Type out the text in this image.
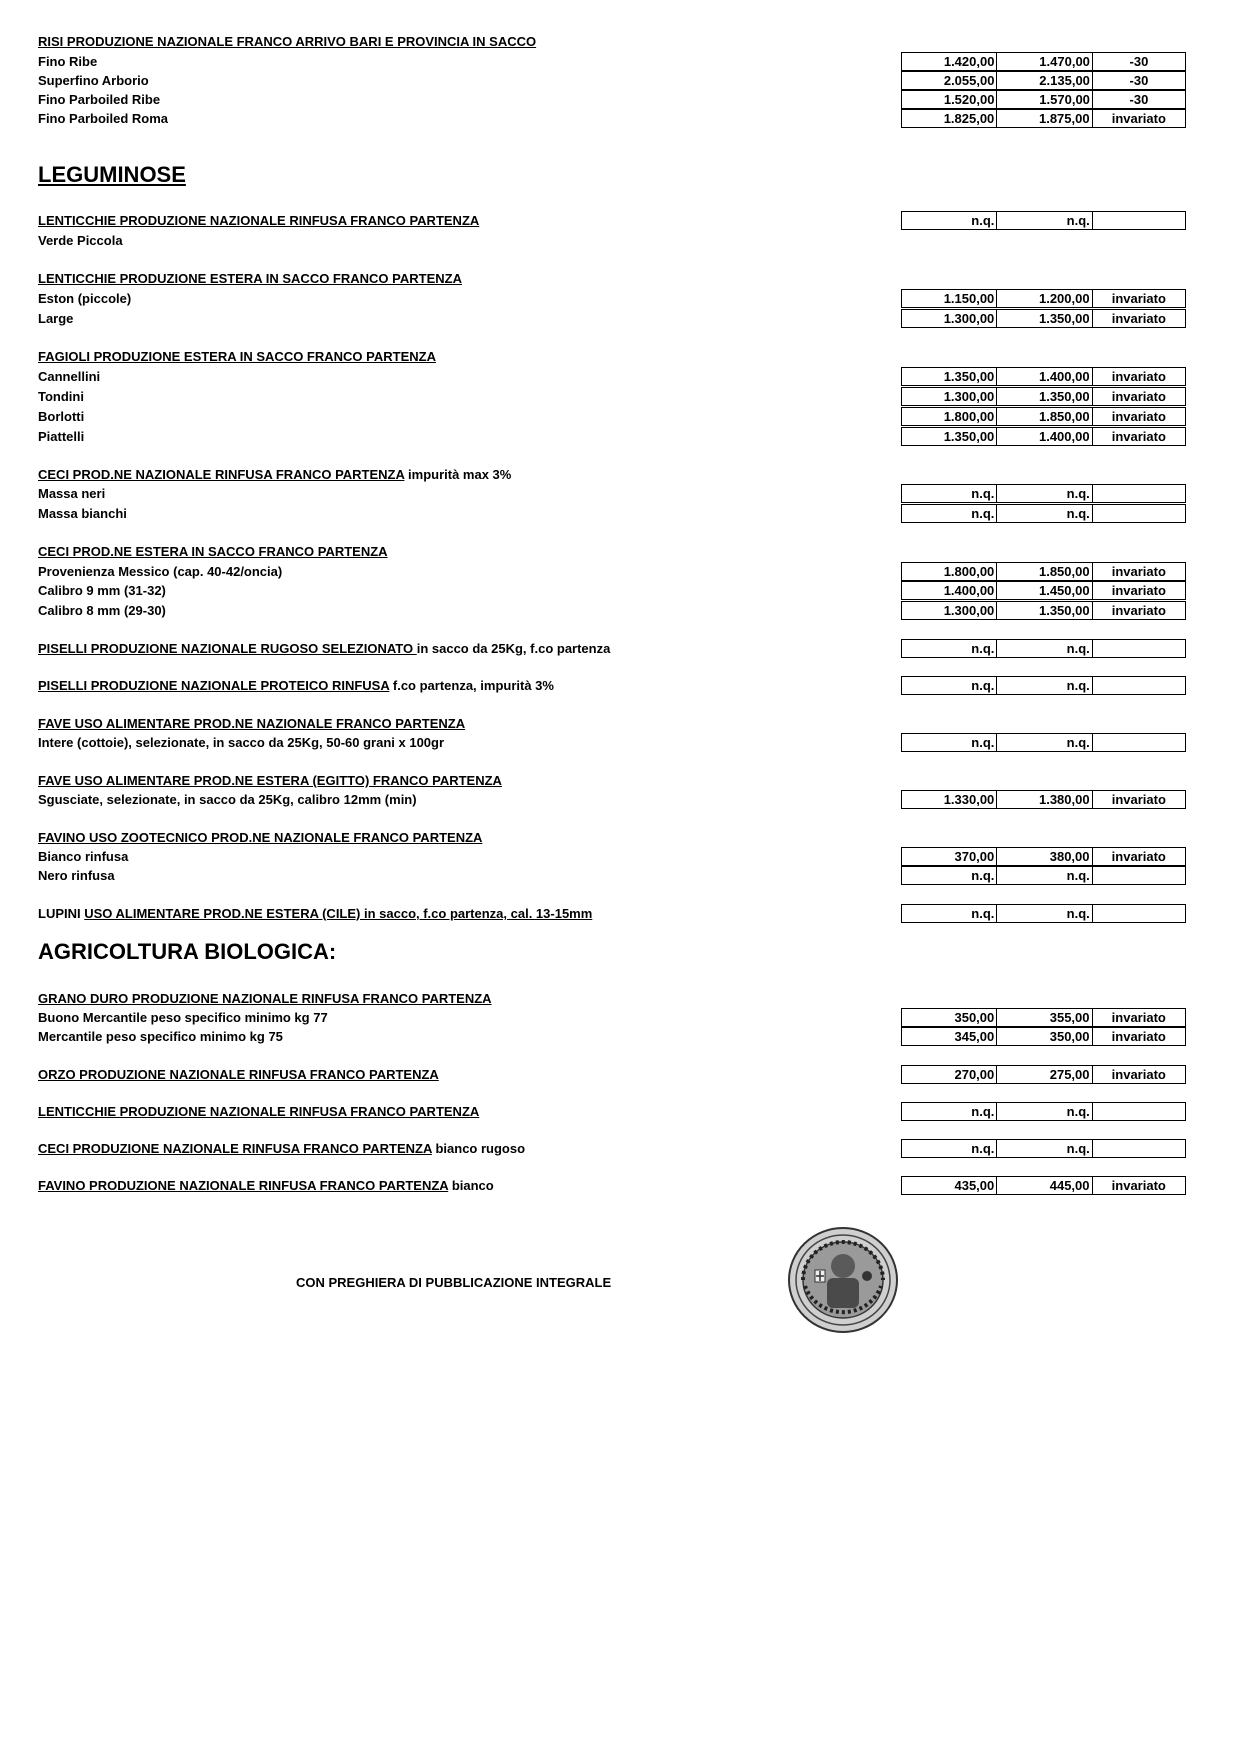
RISI PRODUZIONE NAZIONALE FRANCO ARRIVO BARI E PROVINCIA IN SACCO
Fino Ribe	1.420,00	1.470,00	-30
Superfino Arborio	2.055,00	2.135,00	-30
Fino Parboiled Ribe	1.520,00	1.570,00	-30
Fino Parboiled Roma	1.825,00	1.875,00	invariato
LEGUMINOSE
LENTICCHIE PRODUZIONE NAZIONALE RINFUSA FRANCO PARTENZA	n.q.	n.q.	
Verde Piccola
LENTICCHIE PRODUZIONE ESTERA IN SACCO FRANCO PARTENZA
Eston (piccole)	1.150,00	1.200,00	invariato
Large	1.300,00	1.350,00	invariato
FAGIOLI PRODUZIONE ESTERA IN SACCO FRANCO PARTENZA
Cannellini	1.350,00	1.400,00	invariato
Tondini	1.300,00	1.350,00	invariato
Borlotti	1.800,00	1.850,00	invariato
Piattelli	1.350,00	1.400,00	invariato
CECI PROD.NE NAZIONALE RINFUSA FRANCO PARTENZA impurità max 3%
Massa neri	n.q.	n.q.	
Massa bianchi	n.q.	n.q.	
CECI PROD.NE ESTERA IN SACCO FRANCO PARTENZA
Provenienza Messico (cap. 40-42/oncia)	1.800,00	1.850,00	invariato
Calibro 9 mm (31-32)	1.400,00	1.450,00	invariato
Calibro 8 mm (29-30)	1.300,00	1.350,00	invariato
PISELLI PRODUZIONE NAZIONALE RUGOSO SELEZIONATO in sacco da 25Kg, f.co partenza	n.q.	n.q.	
PISELLI PRODUZIONE NAZIONALE PROTEICO RINFUSA f.co partenza, impurità 3%	n.q.	n.q.	
FAVE USO ALIMENTARE PROD.NE NAZIONALE FRANCO PARTENZA
Intere (cottoie), selezionate, in sacco da 25Kg, 50-60 grani x 100gr	n.q.	n.q.	
FAVE USO ALIMENTARE PROD.NE ESTERA (EGITTO) FRANCO PARTENZA
Sgusciate, selezionate, in sacco da 25Kg, calibro 12mm (min)	1.330,00	1.380,00	invariato
FAVINO USO ZOOTECNICO PROD.NE NAZIONALE FRANCO PARTENZA
Bianco rinfusa	370,00	380,00	invariato
Nero rinfusa	n.q.	n.q.	
LUPINI USO ALIMENTARE PROD.NE ESTERA (CILE) in sacco, f.co partenza, cal. 13-15mm	n.q.	n.q.	
AGRICOLTURA BIOLOGICA:
GRANO DURO PRODUZIONE NAZIONALE RINFUSA FRANCO PARTENZA
Buono Mercantile peso specifico minimo kg 77	350,00	355,00	invariato
Mercantile peso specifico minimo kg 75	345,00	350,00	invariato
ORZO PRODUZIONE NAZIONALE RINFUSA FRANCO PARTENZA	270,00	275,00	invariato
LENTICCHIE PRODUZIONE NAZIONALE RINFUSA FRANCO PARTENZA	n.q.	n.q.	
CECI PRODUZIONE NAZIONALE RINFUSA FRANCO PARTENZA bianco rugoso	n.q.	n.q.	
FAVINO PRODUZIONE NAZIONALE RINFUSA FRANCO PARTENZA bianco	435,00	445,00	invariato
CON PREGHIERA DI PUBBLICAZIONE INTEGRALE
